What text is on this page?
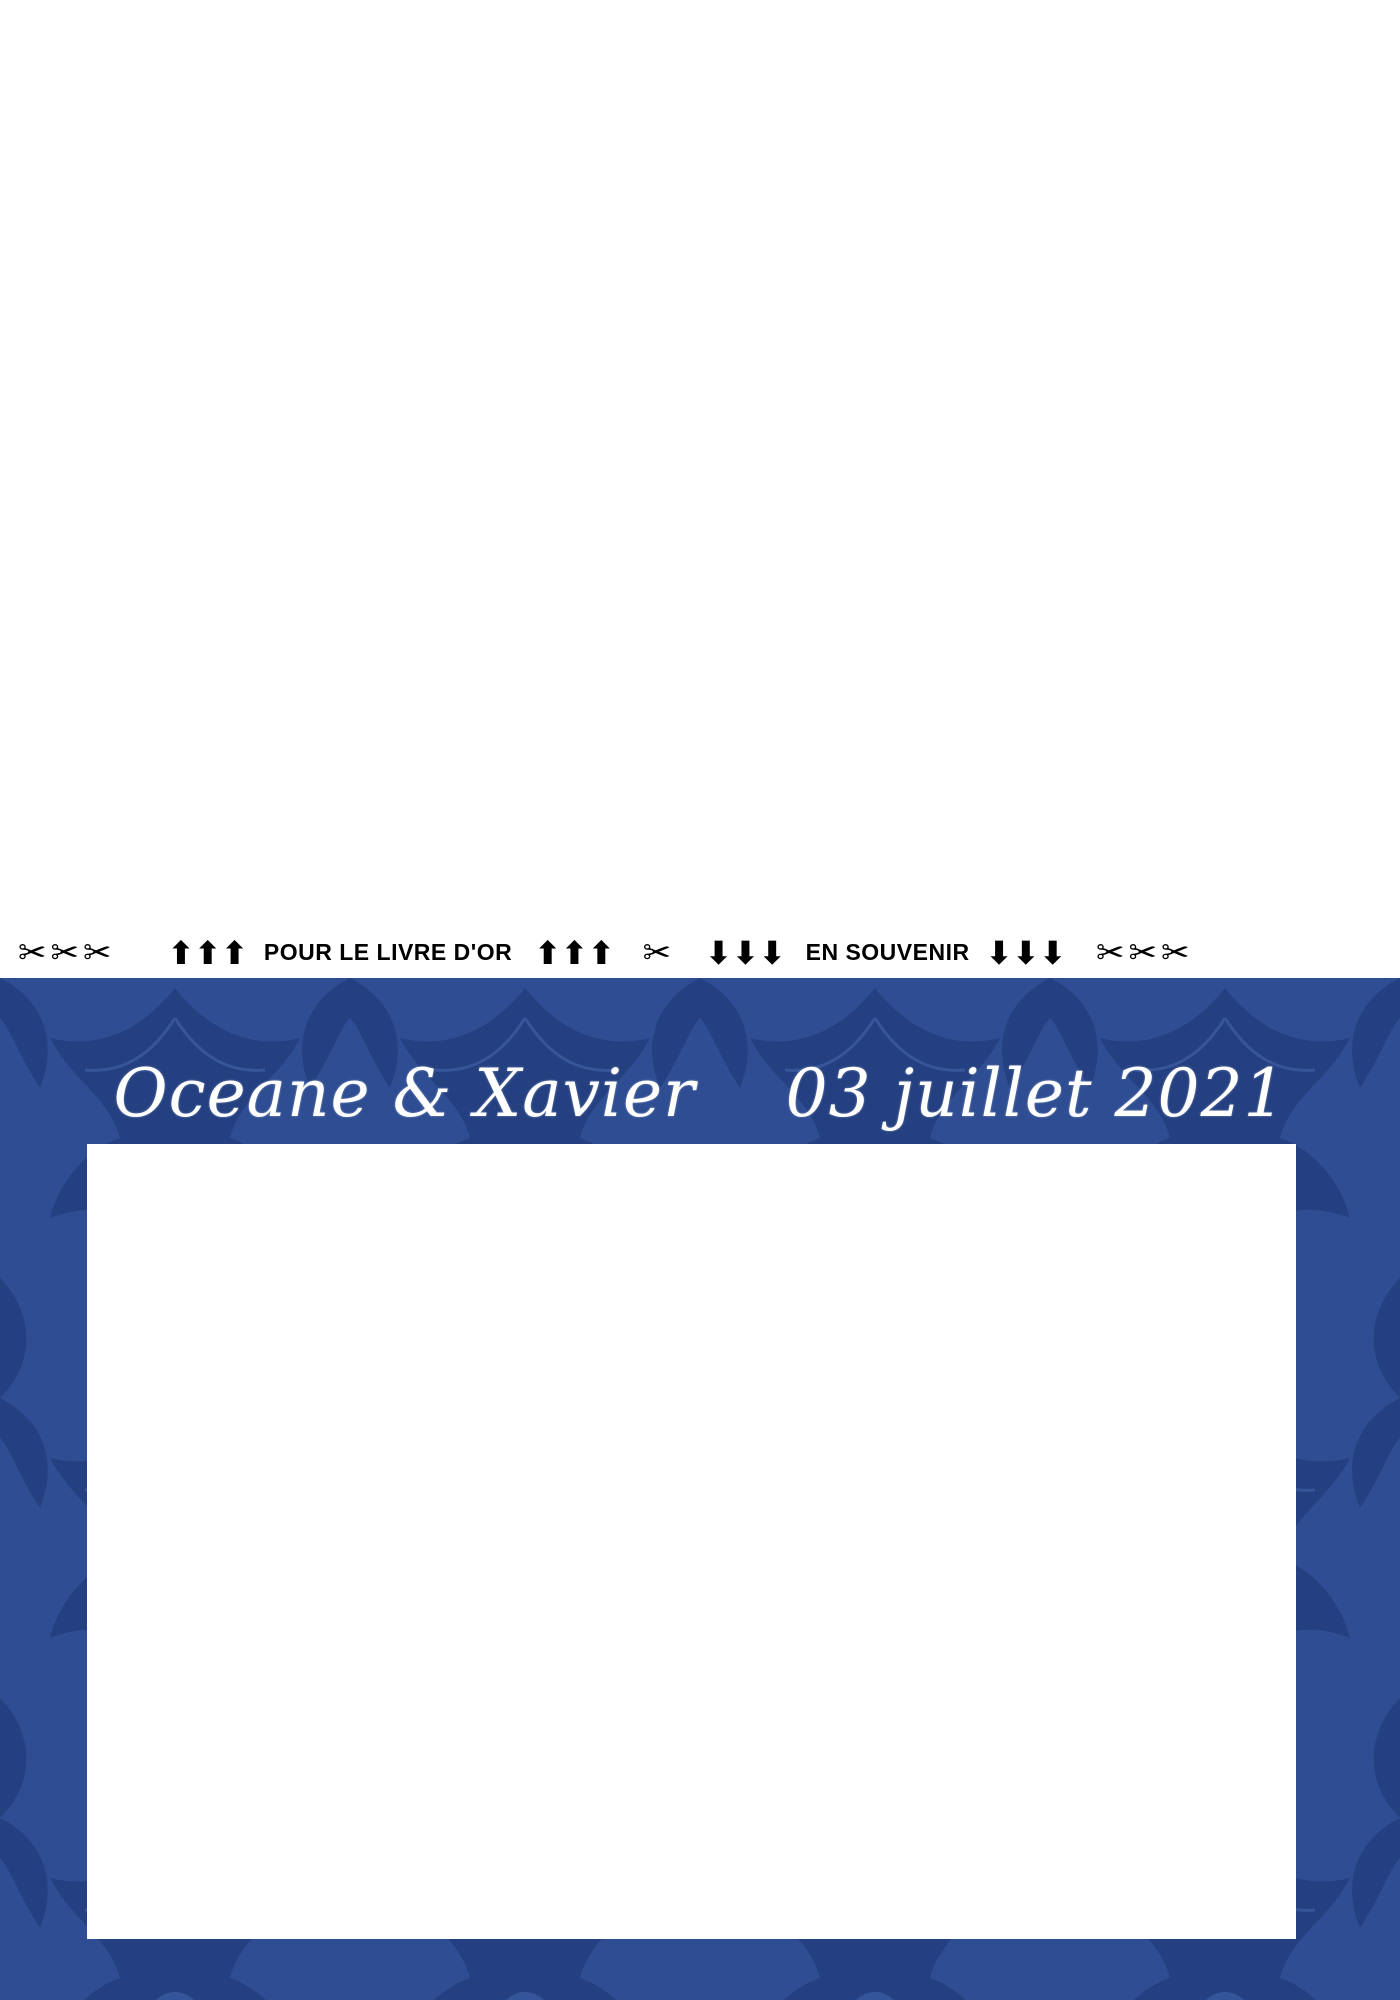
✂✂✂ ⬆⬆⬆ POUR LE LIVRE D'OR ⬆⬆⬆ ✂ ⬇⬇⬇ EN SOUVENIR ⬇⬇⬇ ✂✂✂
Oceane & Xavier 03 juillet 2021
